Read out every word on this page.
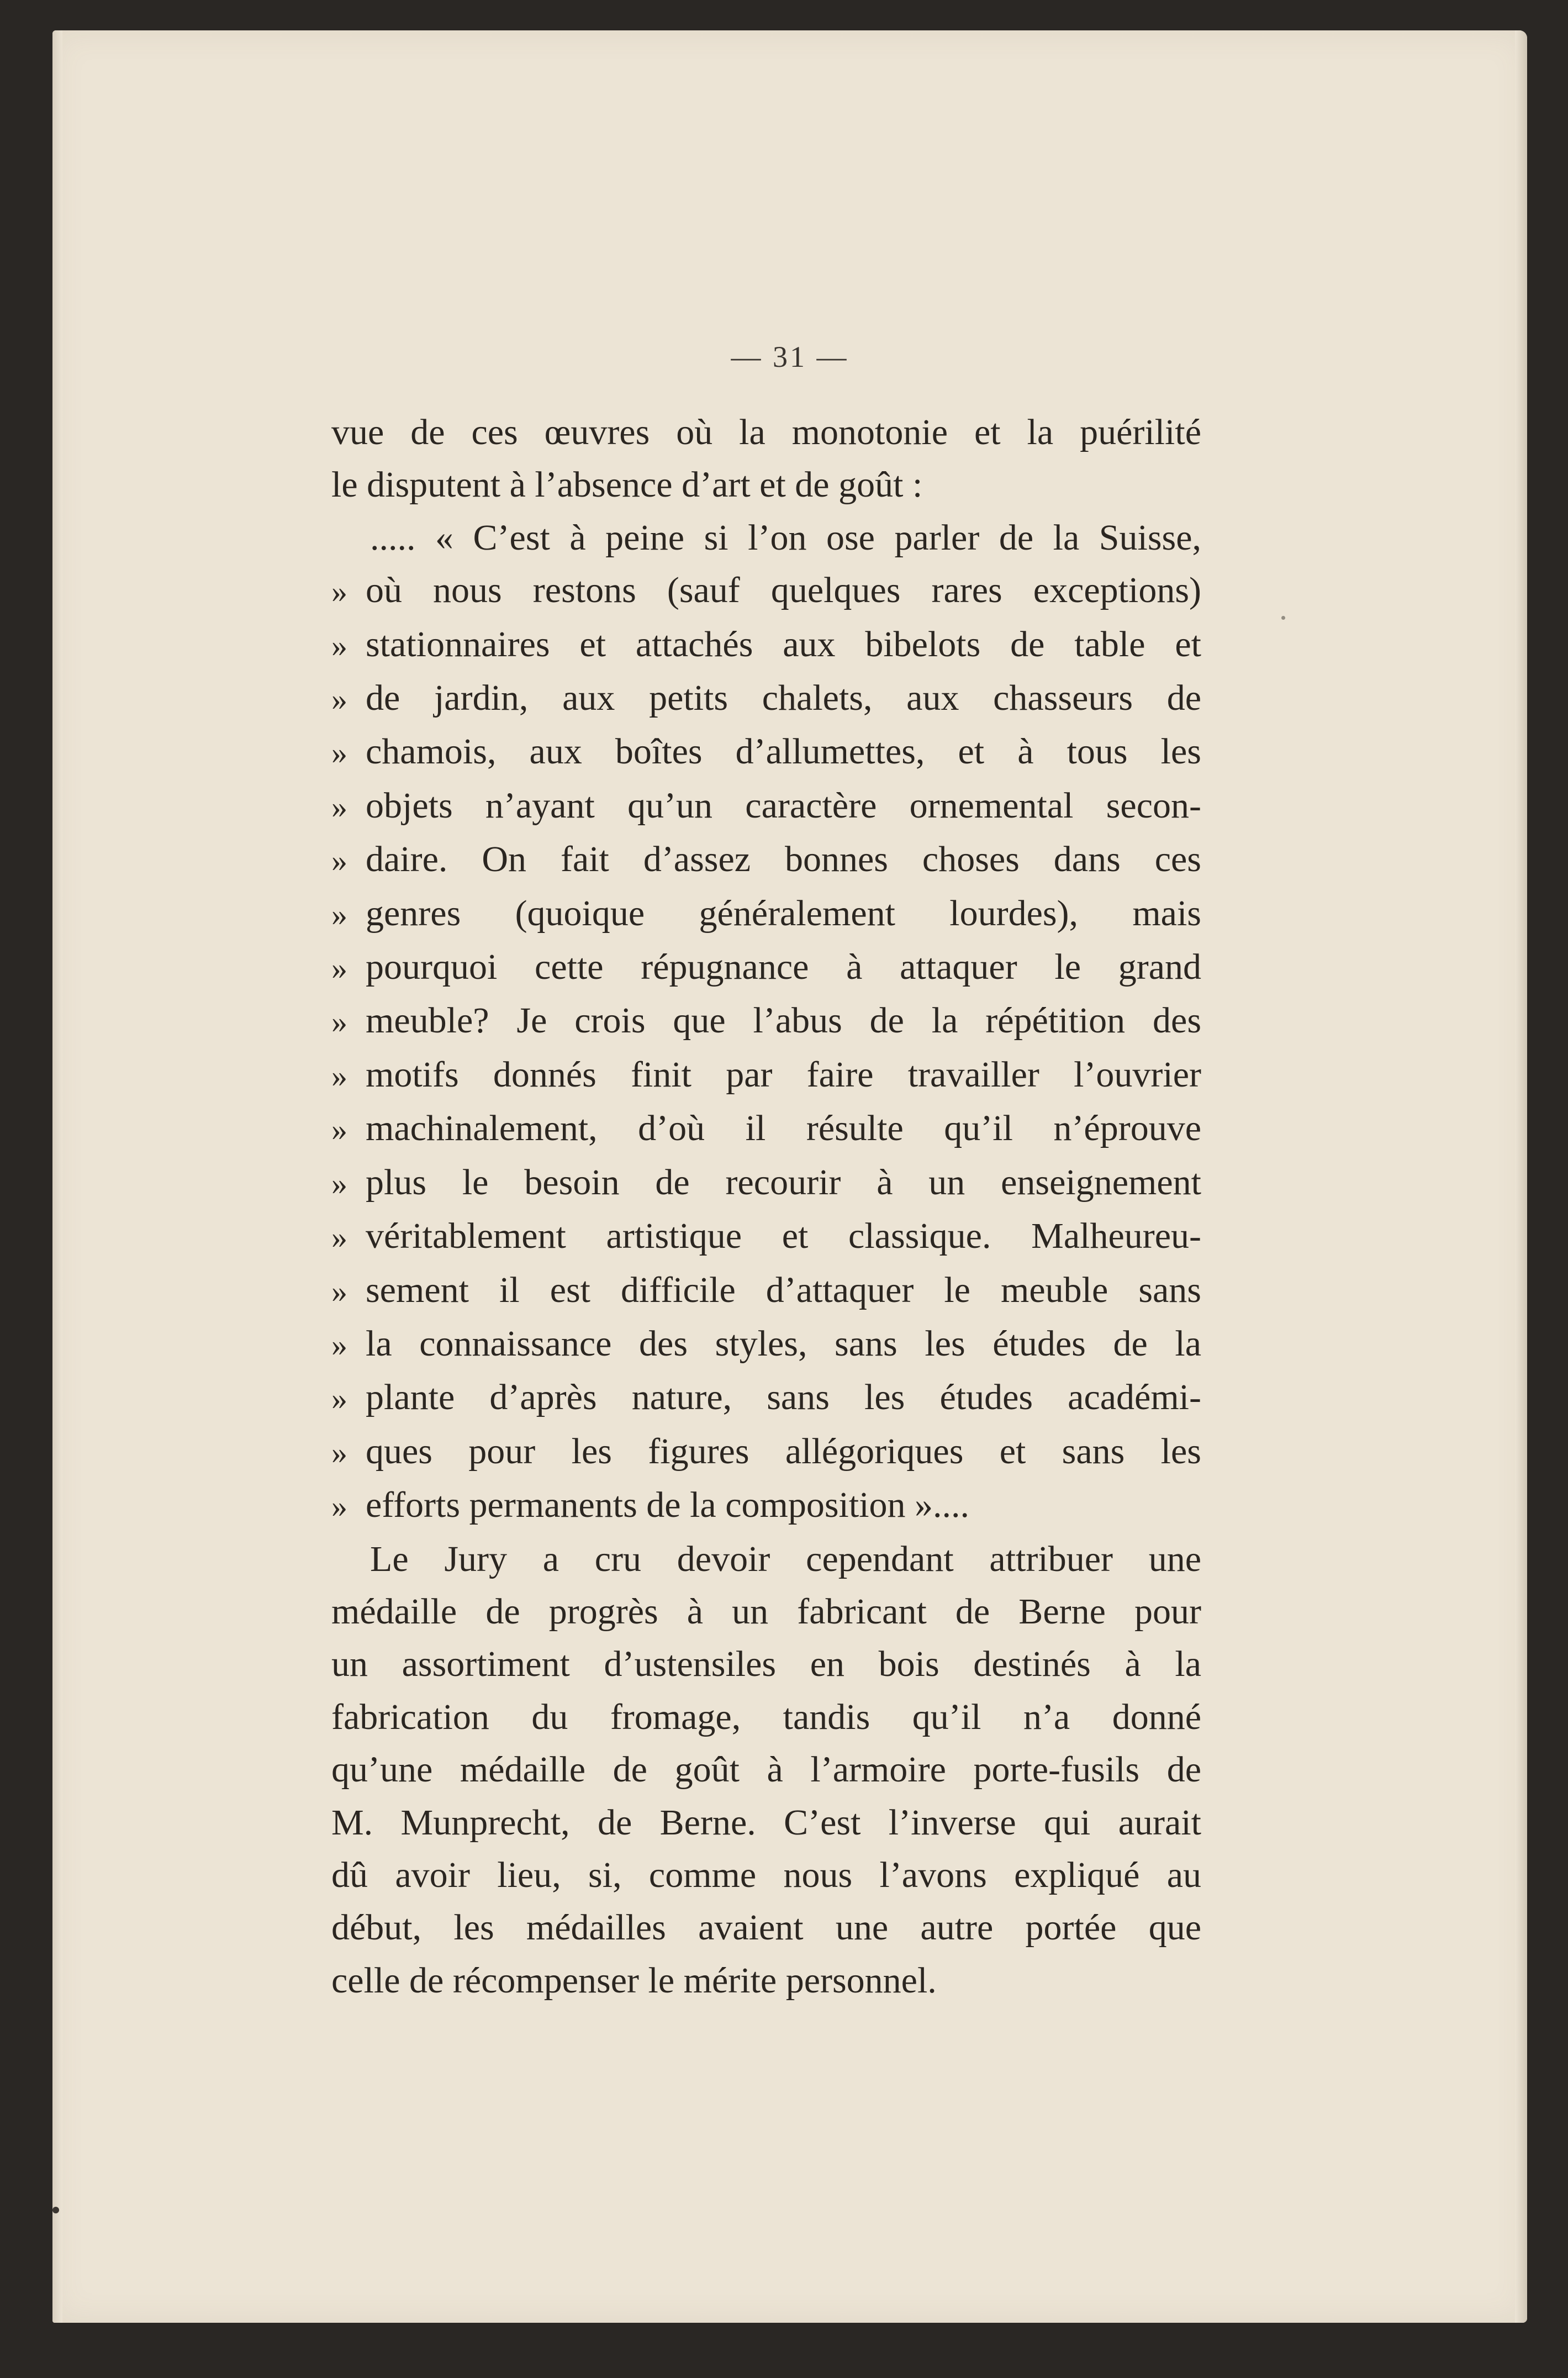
— 31 —
vue de ces œuvres où la monotonie et la puérilité
le disputent à l’absence d’art et de goût :
..... « C’est à peine si l’on ose parler de la Suisse,
» où nous restons (sauf quelques rares exceptions)
» stationnaires et attachés aux bibelots de table et
» de jardin, aux petits chalets, aux chasseurs de
» chamois, aux boîtes d’allumettes, et à tous les
» objets n’ayant qu’un caractère ornemental secon-
» daire. On fait d’assez bonnes choses dans ces
» genres (quoique généralement lourdes), mais
» pourquoi cette répugnance à attaquer le grand
» meuble? Je crois que l’abus de la répétition des
» motifs donnés finit par faire travailler l’ouvrier
» machinalement, d’où il résulte qu’il n’éprouve
» plus le besoin de recourir à un enseignement
» véritablement artistique et classique. Malheureu-
» sement il est difficile d’attaquer le meuble sans
» la connaissance des styles, sans les études de la
» plante d’après nature, sans les études académi-
» ques pour les figures allégoriques et sans les
» efforts permanents de la composition »....
Le Jury a cru devoir cependant attribuer une
médaille de progrès à un fabricant de Berne pour
un assortiment d’ustensiles en bois destinés à la
fabrication du fromage, tandis qu’il n’a donné
qu’une médaille de goût à l’armoire porte-fusils de
M. Munprecht, de Berne. C’est l’inverse qui aurait
dû avoir lieu, si, comme nous l’avons expliqué au
début, les médailles avaient une autre portée que
celle de récompenser le mérite personnel.
